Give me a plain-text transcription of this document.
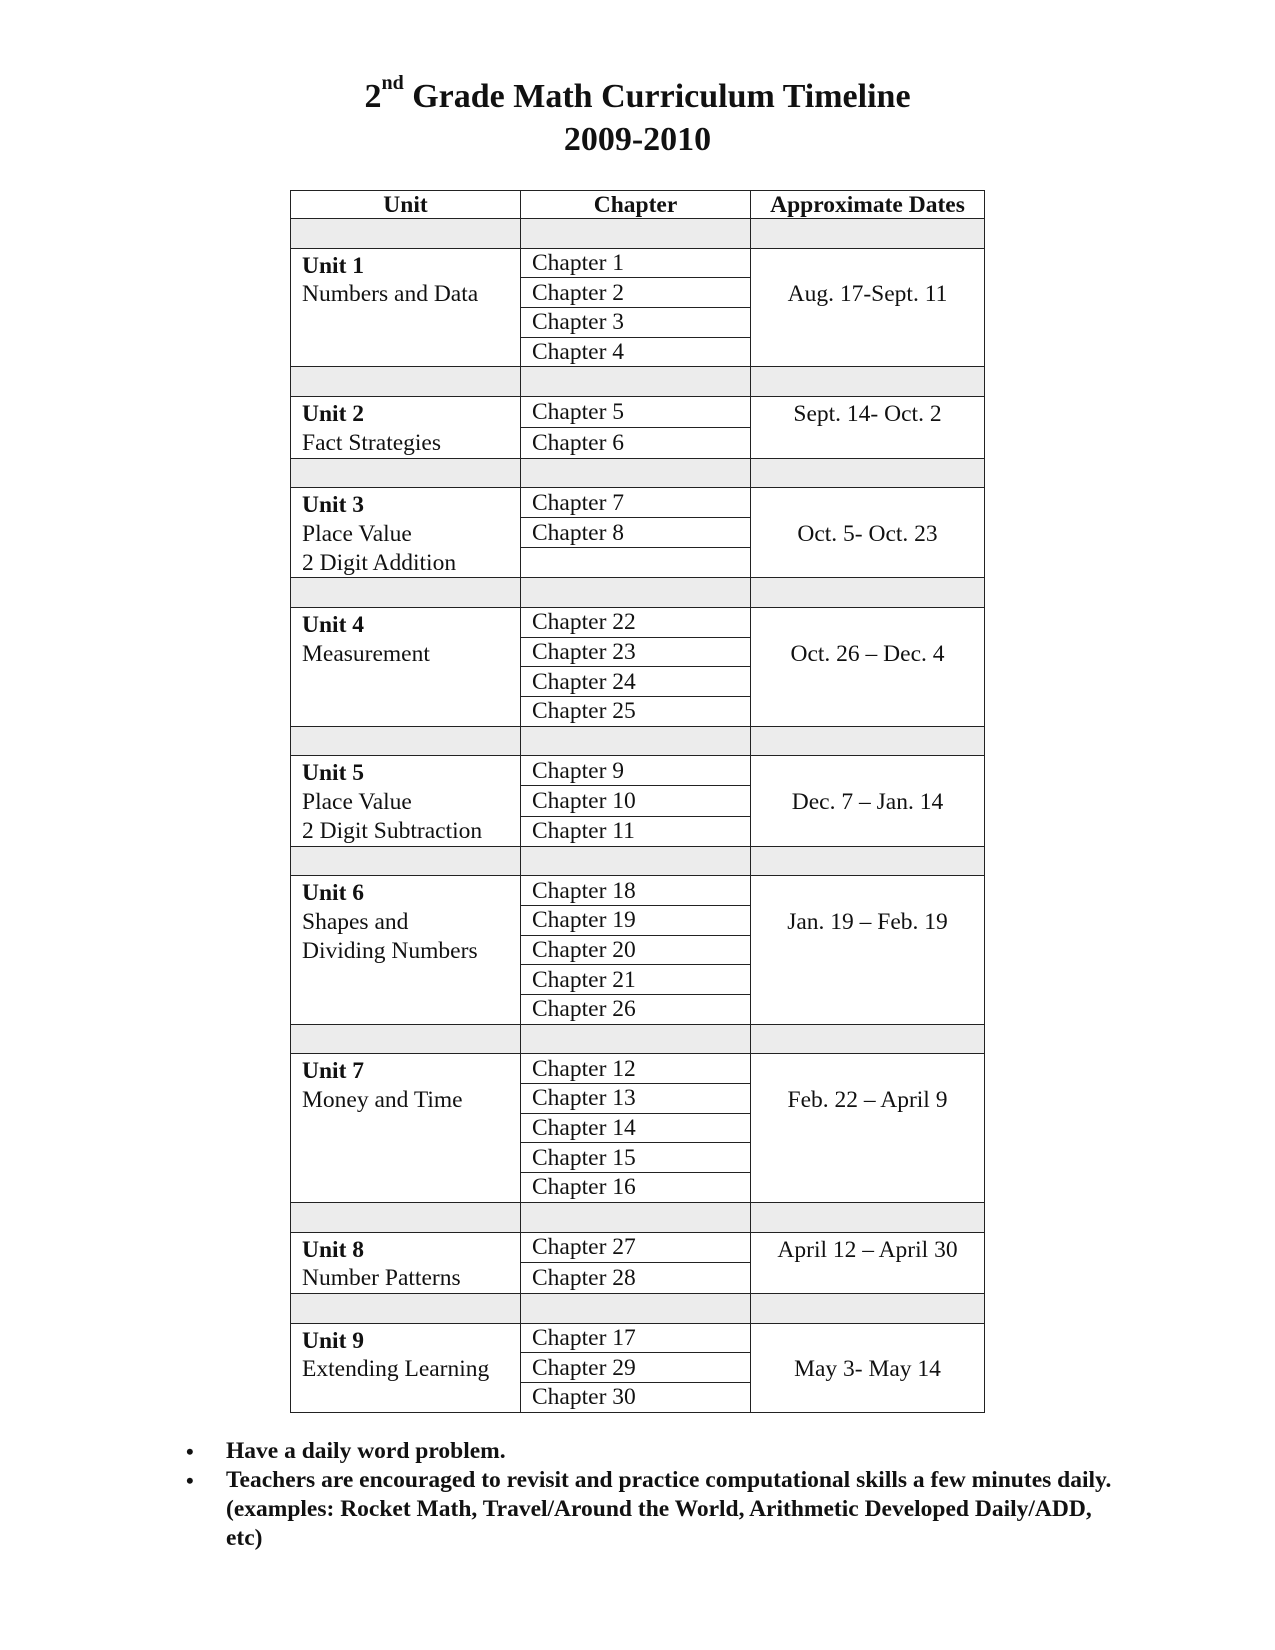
2nd Grade Math Curriculum Timeline
2009-2010
Unit	Chapter	Approximate Dates

Unit 1
Numbers and Data	Chapter 1	Aug. 17-Sept. 11

	Chapter 2	
	Chapter 3	
	Chapter 4	

Unit 2
Fact Strategies	Chapter 5	Sept. 14- Oct. 2

	Chapter 6	

Unit 3
Place Value
2 Digit Addition	Chapter 7	Oct. 5- Oct. 23

	Chapter 8	

Unit 4
Measurement	Chapter 22	Oct. 26 – Dec. 4

	Chapter 23	
	Chapter 24	
	Chapter 25	

Unit 5
Place Value
2 Digit Subtraction	Chapter 9	Dec. 7 – Jan. 14

	Chapter 10	
	Chapter 11	

Unit 6
Shapes and
Dividing Numbers	Chapter 18	Jan. 19 – Feb. 19

	Chapter 19	
	Chapter 20	
	Chapter 21	
	Chapter 26	

Unit 7
Money and Time	Chapter 12	Feb. 22 – April 9

	Chapter 13	
	Chapter 14	
	Chapter 15	
	Chapter 16	

Unit 8
Number Patterns	Chapter 27	April 12 – April 30

	Chapter 28	

Unit 9
Extending Learning	Chapter 17	May 3- May 14

	Chapter 29	
	Chapter 30	
• Have a daily word problem.
• Teachers are encouraged to revisit and practice computational skills a few minutes daily. (examples: Rocket Math, Travel/Around the World, Arithmetic Developed Daily/ADD, etc)
